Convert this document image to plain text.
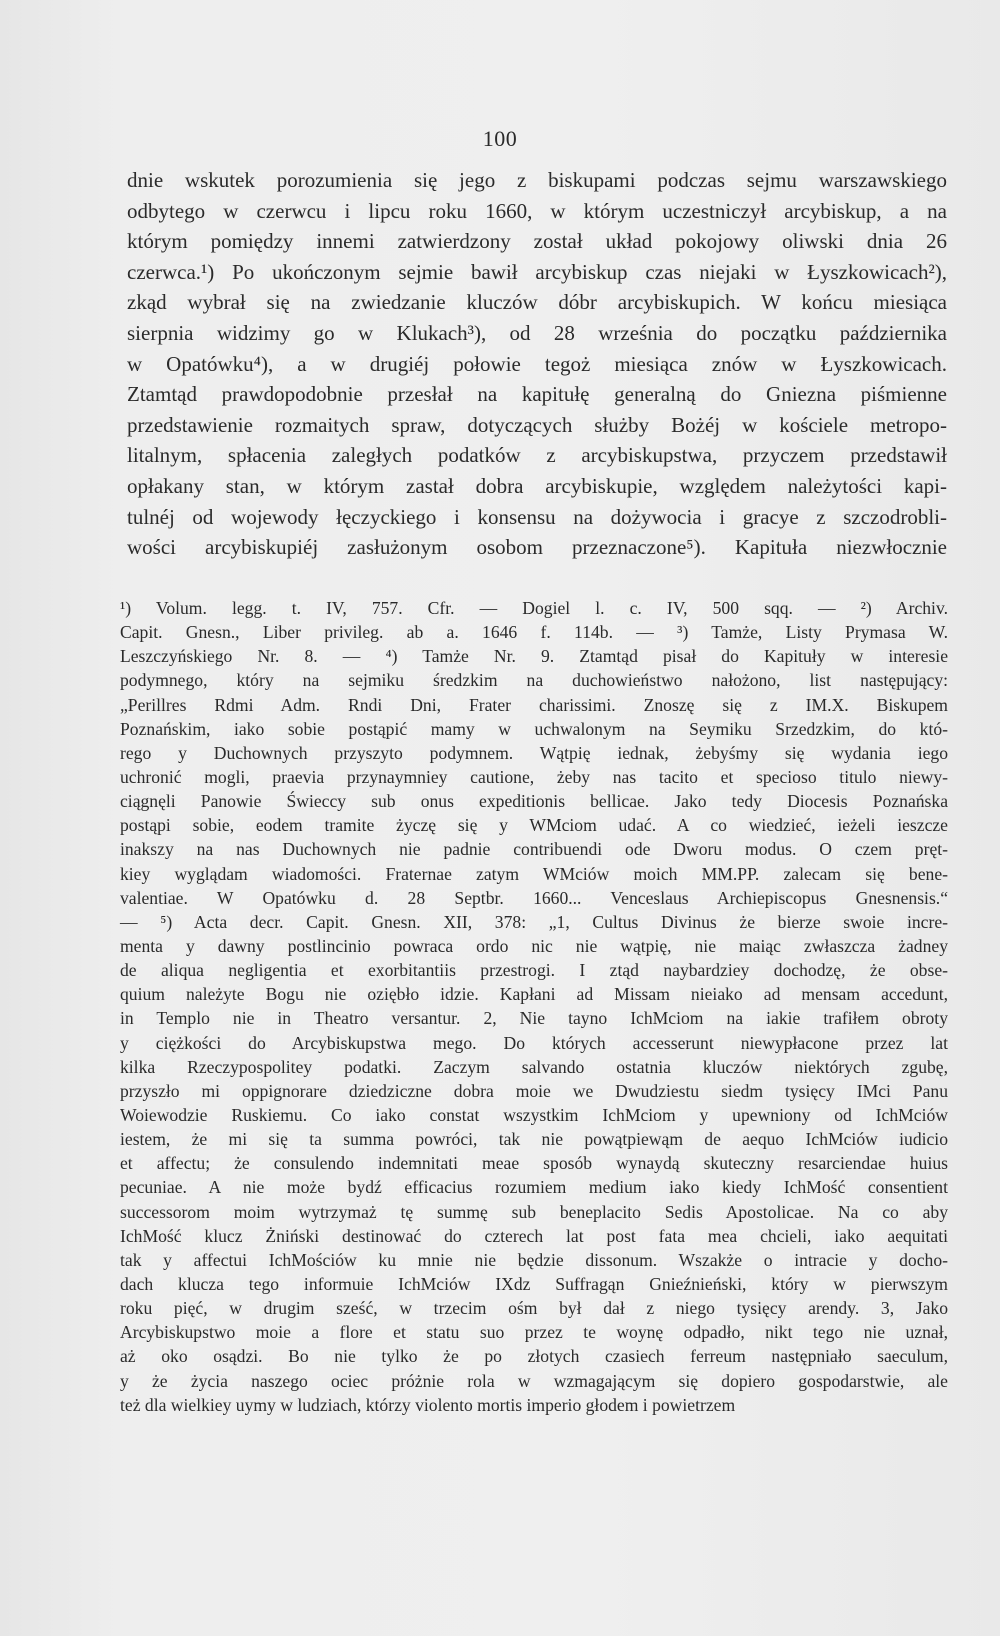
100
dnie wskutek porozumienia się jego z biskupami podczas sejmu warszawskiego
odbytego w czerwcu i lipcu roku 1660, w którym uczestniczył arcybiskup, a na
którym pomiędzy innemi zatwierdzony został układ pokojowy oliwski dnia 26
czerwca.¹) Po ukończonym sejmie bawił arcybiskup czas niejaki w Łyszkowicach²),
zkąd wybrał się na zwiedzanie kluczów dóbr arcybiskupich. W końcu miesiąca
sierpnia widzimy go w Klukach³), od 28 września do początku października
w Opatówku⁴), a w drugiéj połowie tegoż miesiąca znów w Łyszkowicach.
Ztamtąd prawdopodobnie przesłał na kapitułę generalną do Gniezna piśmienne
przedstawienie rozmaitych spraw, dotyczących służby Bożéj w kościele metropo-
litalnym, spłacenia zaległych podatków z arcybiskupstwa, przyczem przedstawił
opłakany stan, w którym zastał dobra arcybiskupie, względem należytości kapi-
tulnéj od wojewody łęczyckiego i konsensu na dożywocia i gracye z szczodrobli-
wości arcybiskupiéj zasłużonym osobom przeznaczone⁵). Kapituła niezwłocznie
¹) Volum. legg. t. IV, 757. Cfr. — Dogiel l. c. IV, 500 sqq. — ²) Archiv.
Capit. Gnesn., Liber privileg. ab a. 1646 f. 114b. — ³) Tamże, Listy Prymasa W.
Leszczyńskiego Nr. 8. — ⁴) Tamże Nr. 9. Ztamtąd pisał do Kapituły w interesie
podymnego, który na sejmiku średzkim na duchowieństwo nałożono, list następujący:
„Perillres Rdmi Adm. Rndi Dni, Frater charissimi. Znoszę się z IM.X. Biskupem
Poznańskim, iako sobie postąpić mamy w uchwalonym na Seymiku Srzedzkim, do któ-
rego y Duchownych przyszyto podymnem. Wątpię iednak, żebyśmy się wydania iego
uchronić mogli, praevia przynaymniey cautione, żeby nas tacito et specioso titulo niewy-
ciągnęli Panowie Świeccy sub onus expeditionis bellicae. Jako tedy Diocesis Poznańska
postąpi sobie, eodem tramite życzę się y WMciom udać. A co wiedzieć, ieżeli ieszcze
inakszy na nas Duchownych nie padnie contribuendi ode Dworu modus. O czem pręt-
kiey wyglądam wiadomości. Fraternae zatym WMciów moich MM.PP. zalecam się bene-
valentiae. W Opatówku d. 28 Septbr. 1660... Venceslaus Archiepiscopus Gnesnensis.“
— ⁵) Acta decr. Capit. Gnesn. XII, 378: „1, Cultus Divinus że bierze swoie incre-
menta y dawny postlincinio powraca ordo nic nie wątpię, nie maiąc zwłaszcza żadney
de aliqua negligentia et exorbitantiis przestrogi. I ztąd naybardziey dochodzę, że obse-
quium należyte Bogu nie oziębło idzie. Kapłani ad Missam nieiako ad mensam accedunt,
in Templo nie in Theatro versantur. 2, Nie tayno IchMciom na iakie trafiłem obroty
y ciężkości do Arcybiskupstwa mego. Do których accesserunt niewypłacone przez lat
kilka Rzeczypospolitey podatki. Zaczym salvando ostatnia kluczów niektórych zgubę,
przyszło mi oppignorare dziedziczne dobra moie we Dwudziestu siedm tysięcy IMci Panu
Woiewodzie Ruskiemu. Co iako constat wszystkim IchMciom y upewniony od IchMciów
iestem, że mi się ta summa powróci, tak nie powątpiewąm de aequo IchMciów iudicio
et affectu; że consulendo indemnitati meae sposób wynaydą skuteczny resarciendae huius
pecuniae. A nie może bydź efficacius rozumiem medium iako kiedy IchMość consentient
successorom moim wytrzymaż tę summę sub beneplacito Sedis Apostolicae. Na co aby
IchMość klucz Żniński destinować do czterech lat post fata mea chcieli, iako aequitati
tak y affectui IchMościów ku mnie nie będzie dissonum. Wszakże o intracie y docho-
dach klucza tego informuie IchMciów IXdz Suffragąn Gnieźnieński, który w pierwszym
roku pięć, w drugim sześć, w trzecim ośm był dał z niego tysięcy arendy. 3, Jako
Arcybiskupstwo moie a flore et statu suo przez te woynę odpadło, nikt tego nie uznał,
aż oko osądzi. Bo nie tylko że po złotych czasiech ferreum następniało saeculum,
y że życia naszego ociec próżnie rola w wzmagającym się dopiero gospodarstwie, ale
też dla wielkiey uymy w ludziach, którzy violento mortis imperio głodem i powietrzem
